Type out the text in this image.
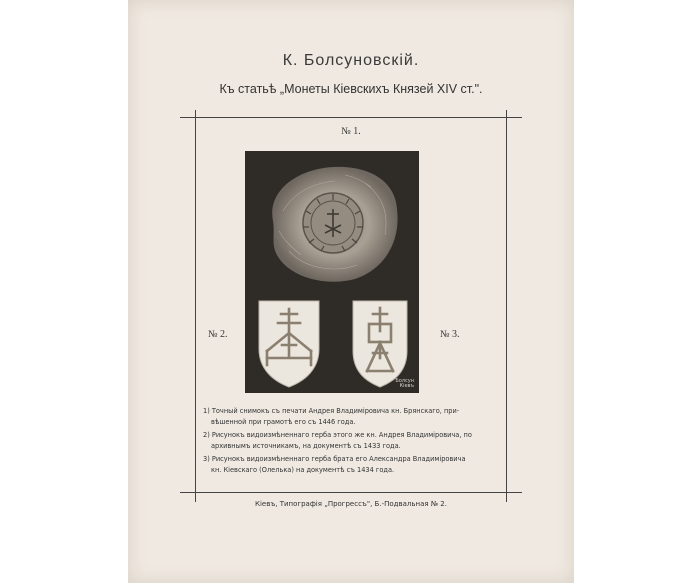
К. Болсуновскій.
Къ статьѣ „Монеты Кіевскихъ Князей XIV ст.".
№ 1.
№ 2.	№ 3.
Болсун
Кіевъ
1) Точный снимокъ съ печати Андрея Владиміровича кн. Брянскаго, при-
вѣшенной при грамотѣ его съ 1446 года.
2) Рисунокъ видоизмѣненнаго герба этого же кн. Андрея Владиміровича, по
архивнымъ источникамъ, на документѣ съ 1433 года.
3) Рисунокъ видоизмѣненнаго герба брата его Александра Владиміровича
кн. Кіевскаго (Олелька) на документѣ съ 1434 года.
Кіевъ, Типографія „Прогрессъ", Б.-Подвальная № 2.
